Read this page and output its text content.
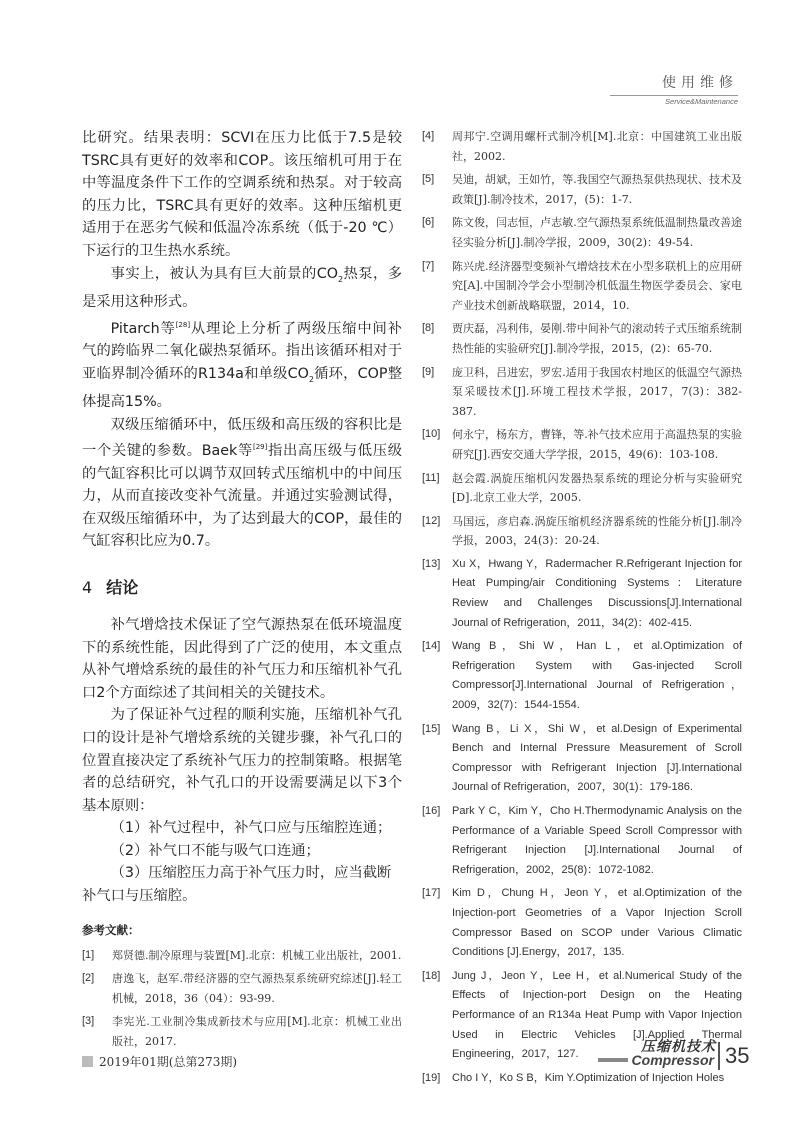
使用维修
Service&Maintenance

比研究。结果表明：SCVI在压力比低于7.5是较TSRC具有更好的效率和COP。该压缩机可用于在中等温度条件下工作的空调系统和热泵。对于较高的压力比，TSRC具有更好的效率。这种压缩机更适用于在恶劣气候和低温冷冻系统（低于-20 ℃）下运行的卫生热水系统。

事实上，被认为具有巨大前景的$CO_2$热泵，多是采用这种形式。

Pitarch等[28]从理论上分析了两级压缩中间补气的跨临界二氧化碳热泵循环。指出该循环相对于亚临界制冷循环的R134a和单级$CO_2$循环，COP整体提高15%。

双级压缩循环中，低压级和高压级的容积比是一个关键的参数。Baek等[29]指出高压级与低压级的气缸容积比可以调节双回转式压缩机中的中间压力，从而直接改变补气流量。并通过实验测试得，在双级压缩循环中，为了达到最大的COP，最佳的气缸容积比应为0.7。

4 结论

补气增焓技术保证了空气源热泵在低环境温度下的系统性能，因此得到了广泛的使用，本文重点从补气增焓系统的最佳的补气压力和压缩机补气孔口2个方面综述了其间相关的关键技术。

为了保证补气过程的顺利实施，压缩机补气孔口的设计是补气增焓系统的关键步骤，补气孔口的位置直接决定了系统补气压力的控制策略。根据笔者的总结研究，补气孔口的开设需要满足以下3个基本原则：

（1）补气过程中，补气口应与压缩腔连通；

（2）补气口不能与吸气口连通；

（3）压缩腔压力高于补气压力时，应当截断

补气口与压缩腔。

参考文献：
[1]	郑贤德.制冷原理与装置[M].北京：机械工业出版社，2001.
[2]	唐逸飞，赵军.带经济器的空气源热泵系统研究综述[J].轻工机械，2018，36（04）：93-99.
[3]	李宪光.工业制冷集成新技术与应用[M].北京：机械工业出版社，2017.
[4]	周邦宁.空调用螺杆式制冷机[M].北京：中国建筑工业出版社，2002.
[5]	吴迪，胡斌，王如竹，等.我国空气源热泵供热现状、技术及政策[J].制冷技术，2017，(5)：1-7.
[6]	陈文俊，闫志恒，卢志敏.空气源热泵系统低温制热量改善途径实验分析[J].制冷学报，2009，30(2)：49-54.
[7]	陈兴虎.经济器型变频补气增焓技术在小型多联机上的应用研究[A].中国制冷学会小型制冷机低温生物医学委员会、家电产业技术创新战略联盟，2014，10.
[8]	贾庆磊，冯利伟，晏刚.带中间补气的滚动转子式压缩系统制热性能的实验研究[J].制冷学报，2015，(2)：65-70.
[9]	庞卫科，吕进宏，罗宏.适用于我国农村地区的低温空气源热泵采暖技术[J].环境工程技术学报，2017，7(3)：382-387.
[10]	何永宁，杨东方，曹锋，等.补气技术应用于高温热泵的实验研究[J].西安交通大学学报，2015，49(6)：103-108.
[11]	赵会霞.涡旋压缩机闪发器热泵系统的理论分析与实验研究[D].北京工业大学，2005.
[12]	马国远，彦启森.涡旋压缩机经济器系统的性能分析[J].制冷学报，2003，24(3)：20-24.
[13]	Xu X，Hwang Y，Radermacher R.Refrigerant Injection for Heat Pumping/air Conditioning Systems：Literature Review and Challenges Discussions[J].International Journal of Refrigeration，2011，34(2)：402-415.
[14]	Wang B，Shi W，Han L，et al.Optimization of Refrigeration System with Gas-injected Scroll Compressor[J].International Journal of Refrigeration，2009，32(7)：1544-1554.
[15]	Wang B，Li X，Shi W，et al.Design of Experimental Bench and Internal Pressure Measurement of Scroll Compressor with Refrigerant Injection [J].International Journal of Refrigeration，2007，30(1)：179-186.
[16]	Park Y C，Kim Y，Cho H.Thermodynamic Analysis on the Performance of a Variable Speed Scroll Compressor with Refrigerant Injection [J].International Journal of Refrigeration，2002，25(8)：1072-1082.
[17]	Kim D，Chung H，Jeon Y，et al.Optimization of the Injection-port Geometries of a Vapor Injection Scroll Compressor Based on SCOP under Various Climatic Conditions [J].Energy，2017，135.
[18]	Jung J，Jeon Y，Lee H，et al.Numerical Study of the Effects of Injection-port Design on the Heating Performance of an R134a Heat Pump with Vapor Injection Used in Electric Vehicles [J].Applied Thermal Engineering，2017，127.
[19]	Cho I Y，Ko S B，Kim Y.Optimization of Injection Holes
2019年01期(总第273期)
压缩机技术
Compressor 35
